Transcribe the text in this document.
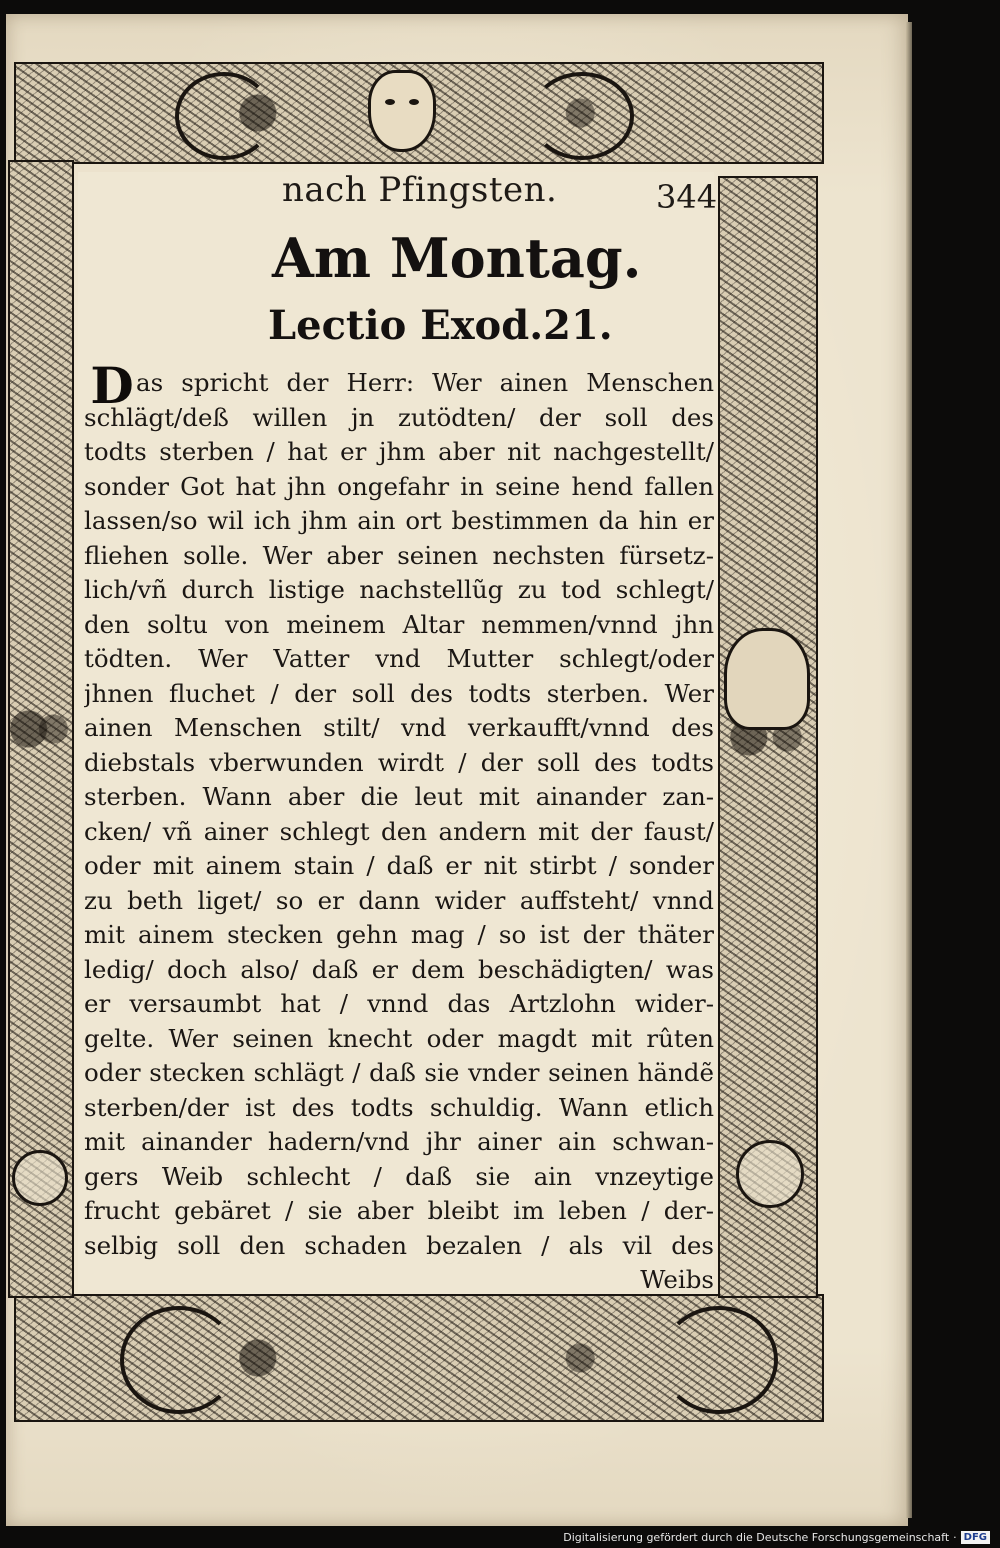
nach Pfingsten.	344
Am Montag.
Lectio Exod.21.
D as spricht der Herr: Wer ainen Menschen
schlägt/deß willen jn zutödten/ der soll des
todts sterben / hat er jhm aber nit nachgestellt/
sonder Got hat jhn ongefahr in seine hend fallen
lassen/so wil ich jhm ain ort bestimmen da hin er
fliehen solle. Wer aber seinen nechsten fürsetz-
lich/vñ durch listige nachstellũg zu tod schlegt/
den soltu von meinem Altar nemmen/vnnd jhn
tödten. Wer Vatter vnd Mutter schlegt/oder
jhnen fluchet / der soll des todts sterben. Wer
ainen Menschen stilt/ vnd verkaufft/vnnd des
diebstals vberwunden wirdt / der soll des todts
sterben. Wann aber die leut mit ainander zan-
cken/ vñ ainer schlegt den andern mit der faust/
oder mit ainem stain / daß er nit stirbt / sonder
zu beth liget/ so er dann wider auffsteht/ vnnd
mit ainem stecken gehn mag / so ist der thäter
ledig/ doch also/ daß er dem beschädigten/ was
er versaumbt hat / vnnd das Artzlohn wider-
gelte. Wer seinen knecht oder magdt mit rûten
oder stecken schlägt / daß sie vnder seinen händẽ
sterben/der ist des todts schuldig. Wann etlich
mit ainander hadern/vnd jhr ainer ain schwan-
gers Weib schlecht / daß sie ain vnzeytige
frucht gebäret / sie aber bleibt im leben / der-
selbig soll den schaden bezalen / als vil des
Weibs
Digitalisierung gefördert durch die Deutsche Forschungsgemeinschaft · DFG
